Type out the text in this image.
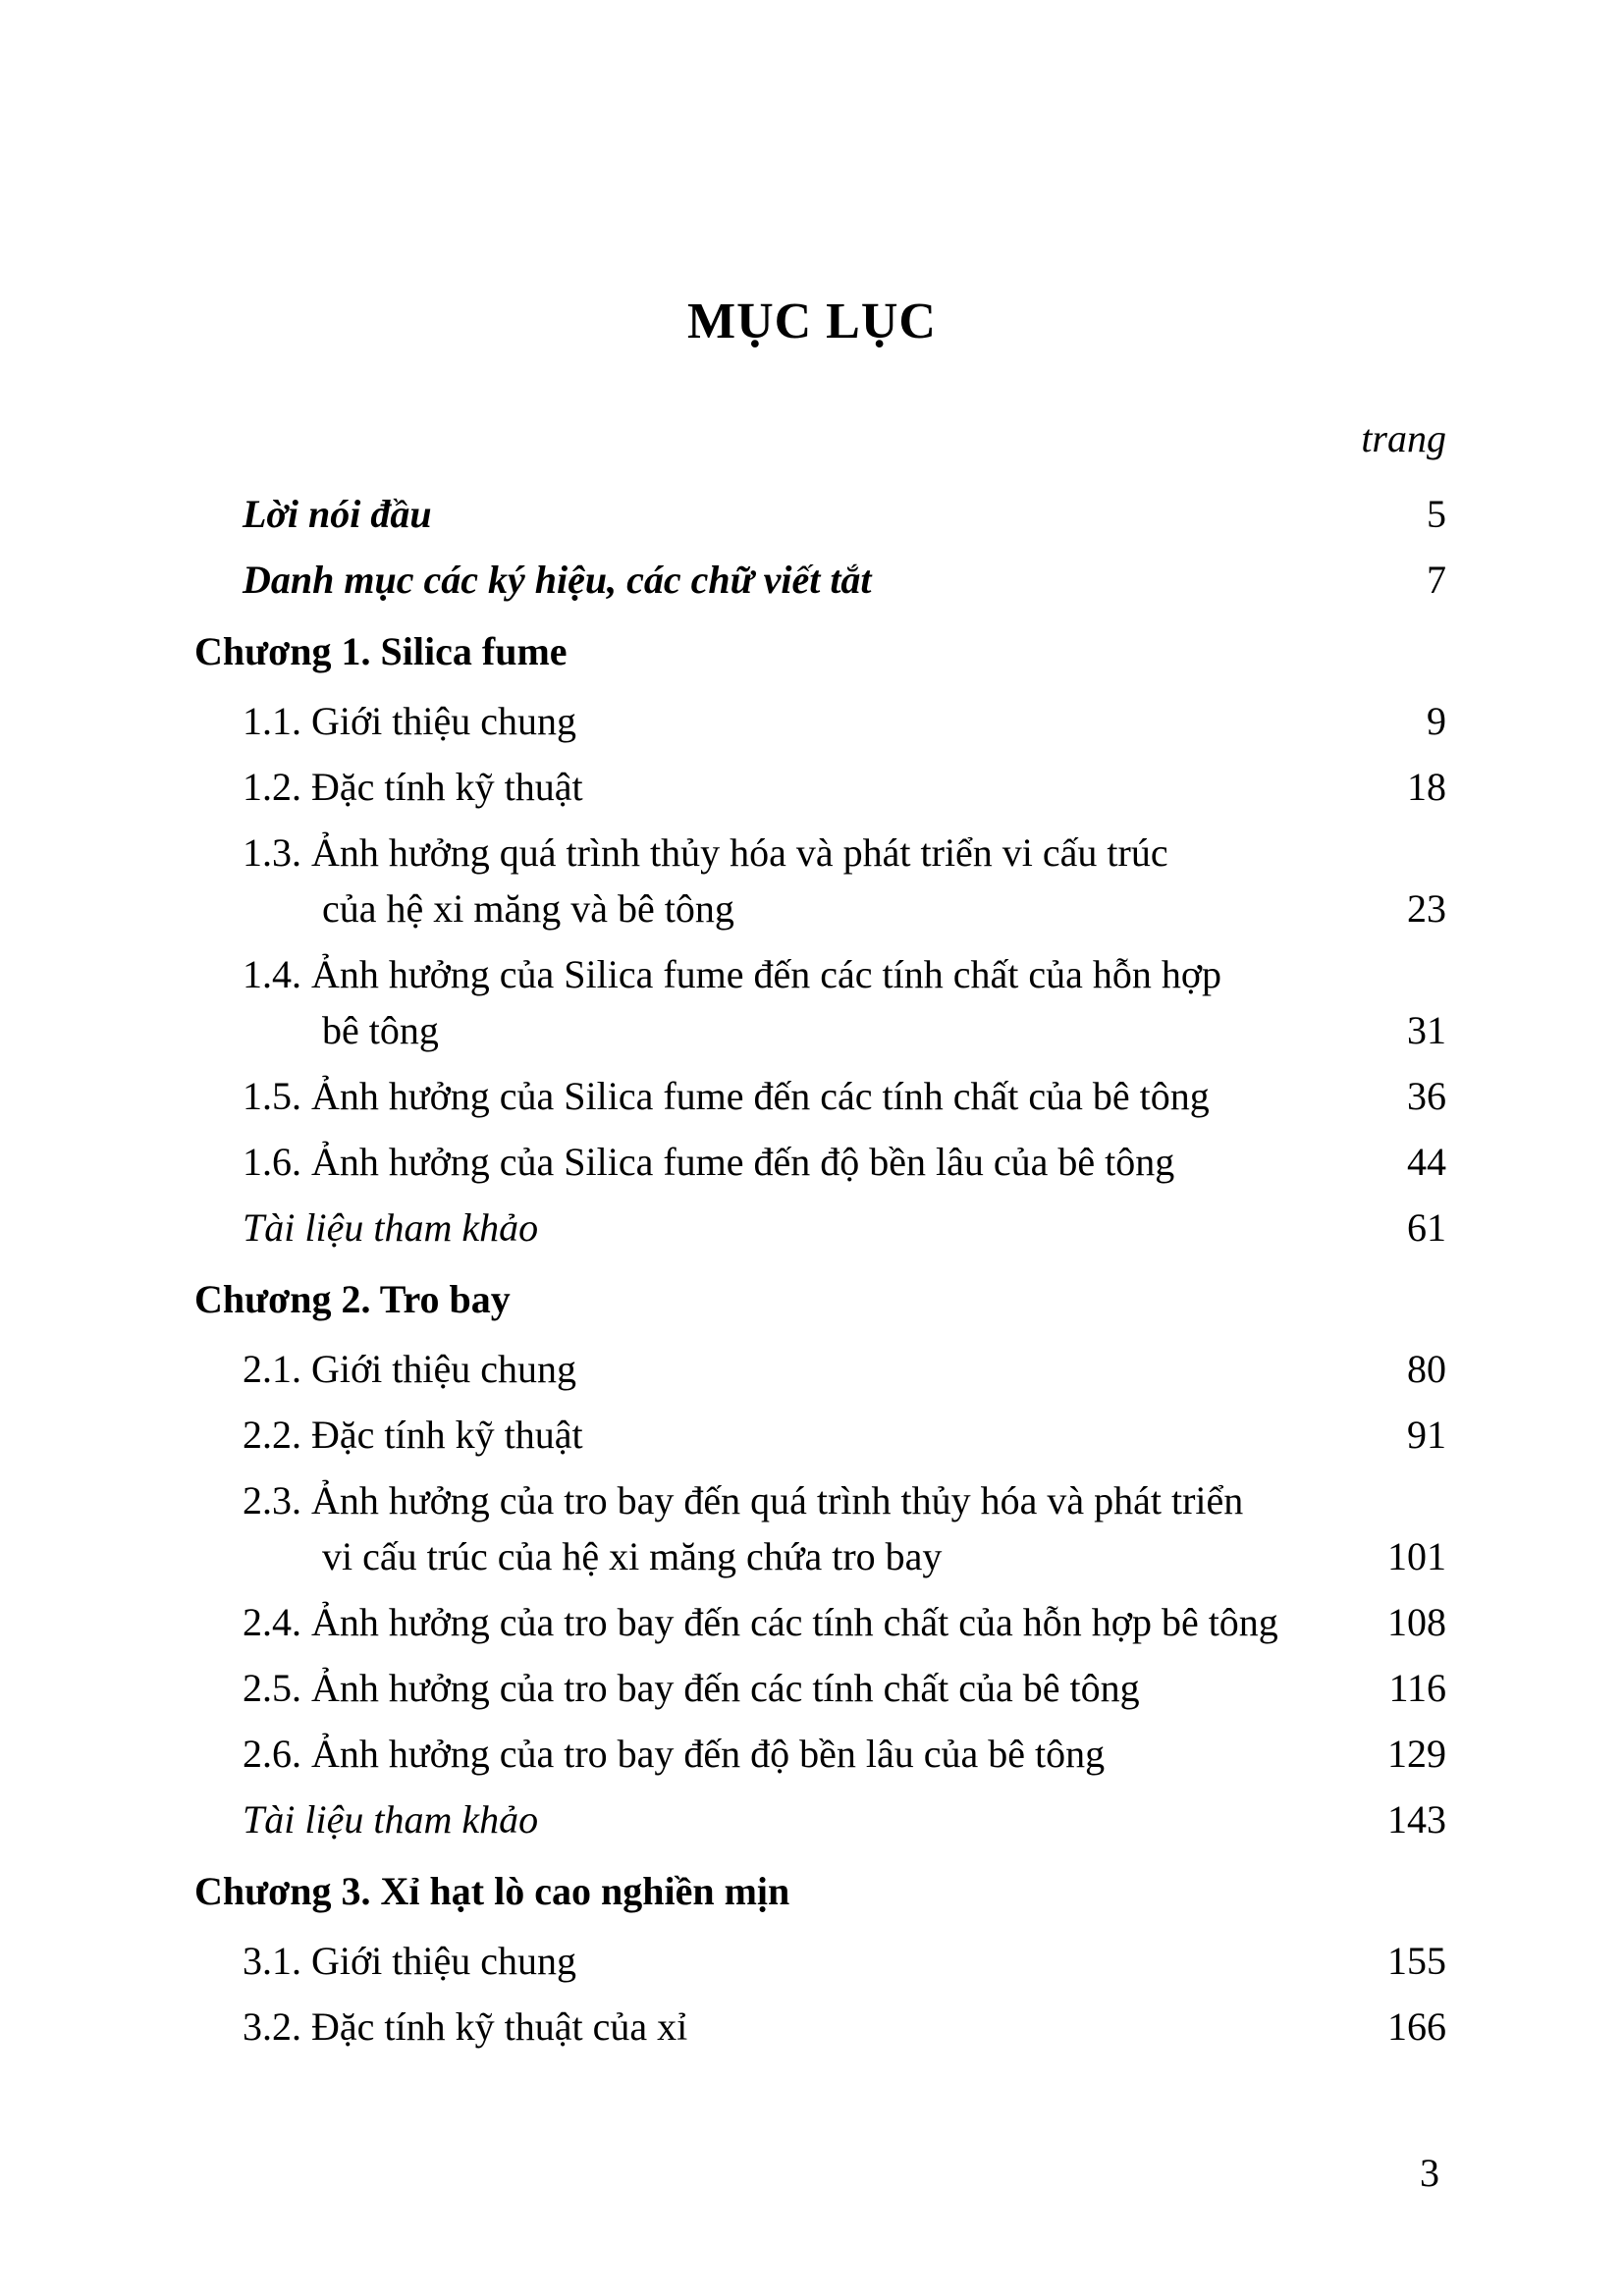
MỤC LỤC
trang
Lời nói đầu	5
Danh mục các ký hiệu, các chữ viết tắt	7
Chương 1. Silica fume
1.1. Giới thiệu chung	9
1.2. Đặc tính kỹ thuật	18
1.3. Ảnh hưởng quá trình thủy hóa và phát triển vi cấu trúc
của hệ xi măng và bê tông	23
1.4. Ảnh hưởng của Silica fume đến các tính chất của hỗn hợp
bê tông	31
1.5. Ảnh hưởng của Silica fume đến các tính chất của bê tông	36
1.6. Ảnh hưởng của Silica fume đến độ bền lâu của bê tông	44
Tài liệu tham khảo	61
Chương 2. Tro bay
2.1. Giới thiệu chung	80
2.2. Đặc tính kỹ thuật	91
2.3. Ảnh hưởng của tro bay đến quá trình thủy hóa và phát triển
vi cấu trúc của hệ xi măng chứa tro bay	101
2.4. Ảnh hưởng của tro bay đến các tính chất của hỗn hợp bê tông	108
2.5. Ảnh hưởng của tro bay đến các tính chất của bê tông	116
2.6. Ảnh hưởng của tro bay đến độ bền lâu của bê tông	129
Tài liệu tham khảo	143
Chương 3. Xỉ hạt lò cao nghiền mịn
3.1. Giới thiệu chung	155
3.2. Đặc tính kỹ thuật của xỉ	166
3
